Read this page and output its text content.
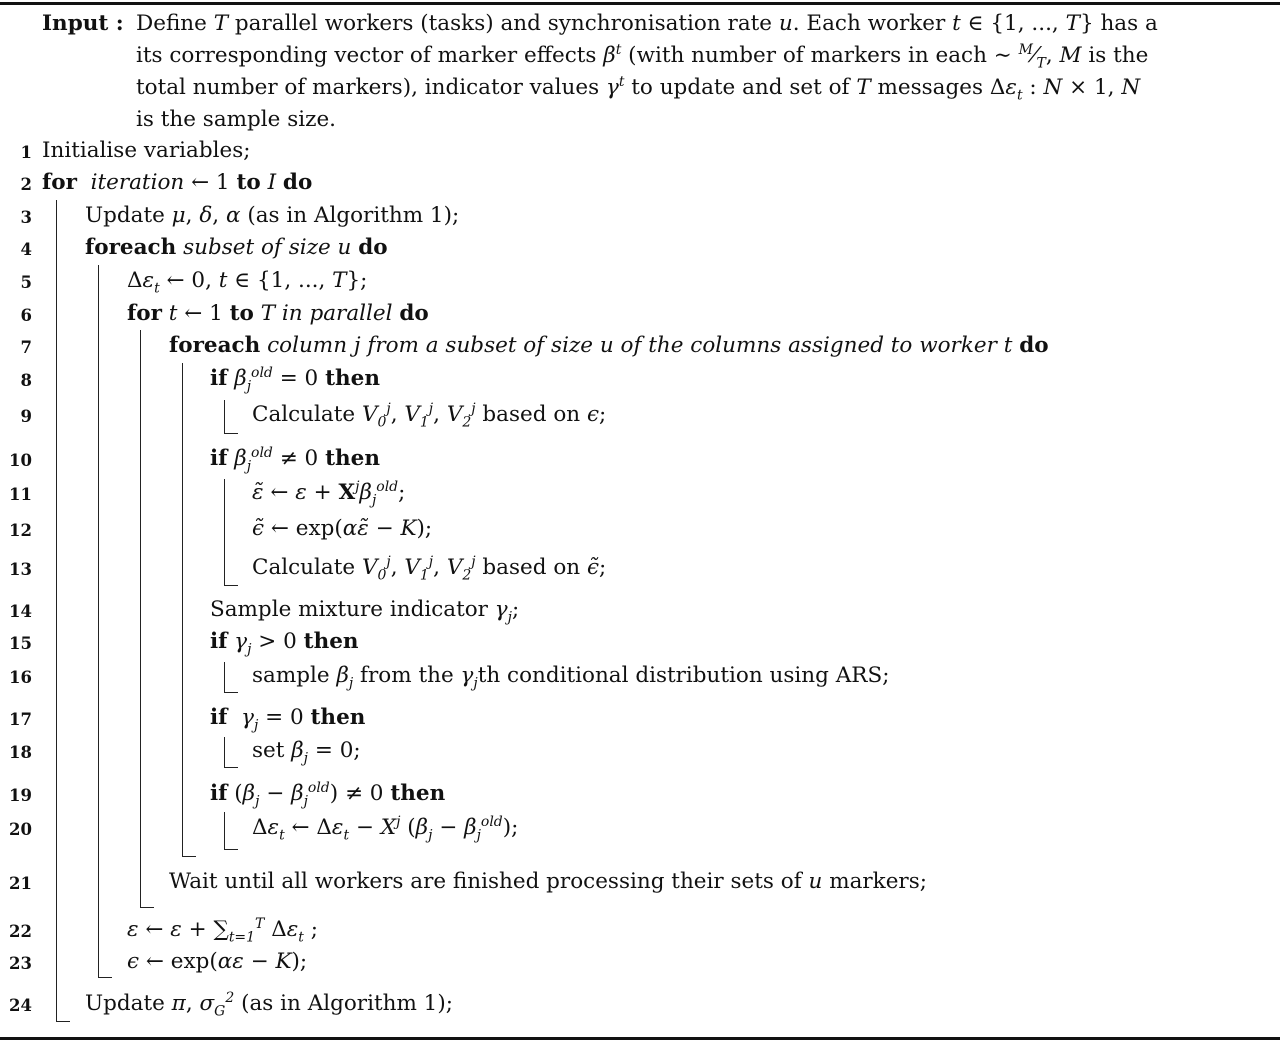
Input : Define T parallel workers (tasks) and synchronisation rate u. Each worker t ∈ {1, ..., T} has a
its corresponding vector of marker effects $\beta^t$ (with number of markers in each ∼ $^M⁄_T$, M is the
total number of markers), indicator values $\gamma^t$ to update and set of T messages $\Delta\varepsilon_t$ : N × 1, N
is the sample size.
1
2
3
4
5
6
7
8
9
10
11
12
13
14
15
16
17
18
19
20
21
22
23
24
Initialise variables;
for iteration ← 1 to I do
Update μ, δ, α (as in Algorithm 1);
foreach subset of size u do
$\Delta\varepsilon_t$ ← 0, t ∈ {1, ..., T};
for t ← 1 to T in parallel do
foreach column j from a subset of size u of the columns assigned to worker t do
if $\beta_j^{old} = 0$ then
Calculate $V_0^j$, $V_1^j$, $V_2^j$ based on ϵ;
if $\beta_j^{old} \ne 0$ then
ε̃ ← $\varepsilon + X^j\beta_j^{old}$;
ϵ̃ ← exp(αε̃ − K);
Calculate $V_0^j$, $V_1^j$, $V_2^j$ based on ϵ̃;
Sample mixture indicator $\gamma_j$;
if $\gamma_j > 0$ then
sample $\beta_j$ from the $\gamma_jth$ conditional distribution using ARS;
if $\gamma_j = 0$ then
set $\beta_j = 0$;
if $(\beta_j - \beta_j^{old}) \ne 0$ then
$\Delta\varepsilon_t$ ← $\Delta\varepsilon_t - X^j$ $(\beta_j - \beta_j^{old})$;
Wait until all workers are finished processing their sets of u markers;
ε ← $\varepsilon + \sum_{t=1}^T$ $\Delta\varepsilon_t$ ;
ϵ ← exp(αε − K);
Update π, $\sigma_G^2$ (as in Algorithm 1);
